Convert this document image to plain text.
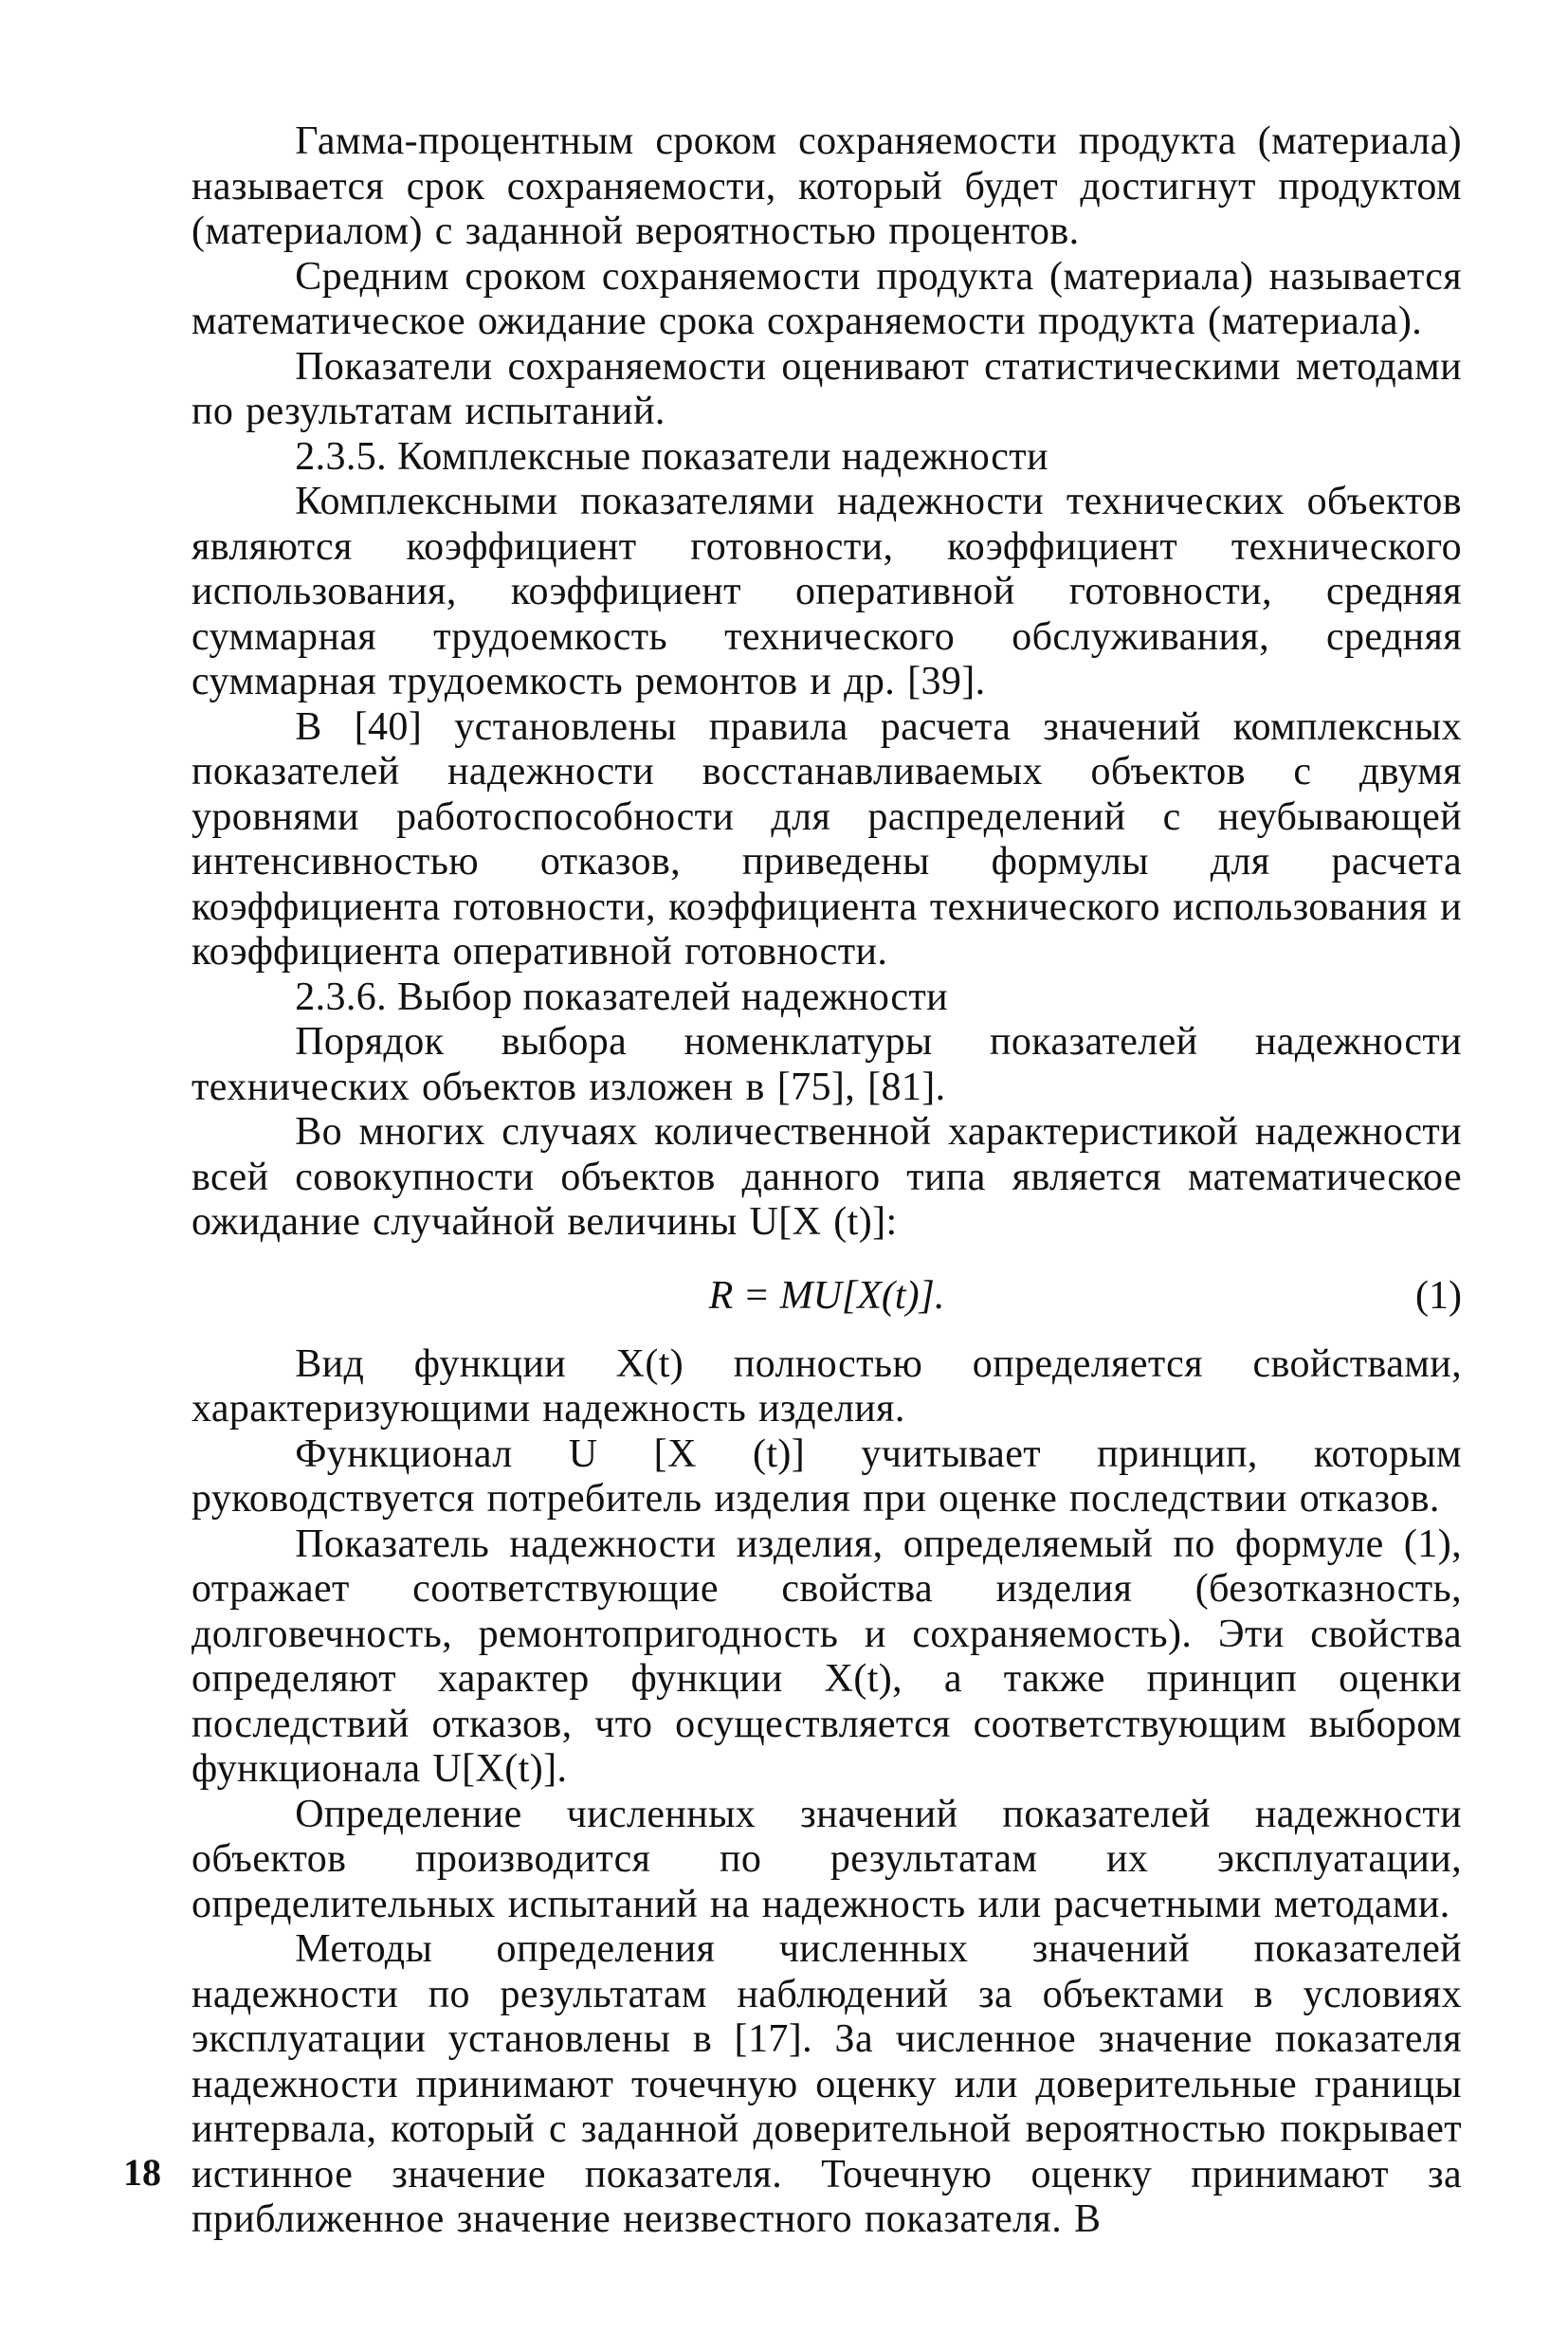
Гамма-процентным сроком сохраняемости продукта (материала) называется срок сохраняемости, который будет достигнут продуктом (материалом) с заданной вероятностью процентов.

Средним сроком сохраняемости продукта (материала) называется математическое ожидание срока сохраняемости продукта (материала).

Показатели сохраняемости оценивают статистическими методами по результатам испытаний.

2.3.5. Комплексные показатели надежности

Комплексными показателями надежности технических объектов являются коэффициент готовности, коэффициент технического использования, коэффициент оперативной готовности, средняя суммарная трудоемкость технического обслуживания, средняя суммарная трудоемкость ремонтов и др. [39].

В [40] установлены правила расчета значений комплексных показателей надежности восстанавливаемых объектов с двумя уровнями работоспособности для распределений с неубывающей интенсивностью отказов, приведены формулы для расчета коэффициента готовности, коэффициента технического использования и коэффициента оперативной готовности.

2.3.6. Выбор показателей надежности

Порядок выбора номенклатуры показателей надежности технических объектов изложен в [75], [81].

Во многих случаях количественной характеристикой надежности всей совокупности объектов данного типа является математическое ожидание случайной величины U[X (t)]:

R = MU[X(t)].	(1)

Вид функции X(t) полностью определяется свойствами, характеризующими надежность изделия.

Функционал U [X (t)] учитывает принцип, которым руководствуется потребитель изделия при оценке последствии отказов.

Показатель надежности изделия, определяемый по формуле (1), отражает соответствующие свойства изделия (безотказность, долговечность, ремонтопригодность и сохраняемость). Эти свойства определяют характер функции X(t), а также принцип оценки последствий отказов, что осуществляется соответствующим выбором функционала U[X(t)].

Определение численных значений показателей надежности объектов производится по результатам их эксплуатации, определительных испытаний на надежность или расчетными методами.

Методы определения численных значений показателей надежности по результатам наблюдений за объектами в условиях эксплуатации установлены в [17]. За численное значение показателя надежности принимают точечную оценку или доверительные границы интервала, который с заданной доверительной вероятностью покрывает истинное значение показателя. Точечную оценку принимают за приближенное значение неизвестного показателя. В

18
